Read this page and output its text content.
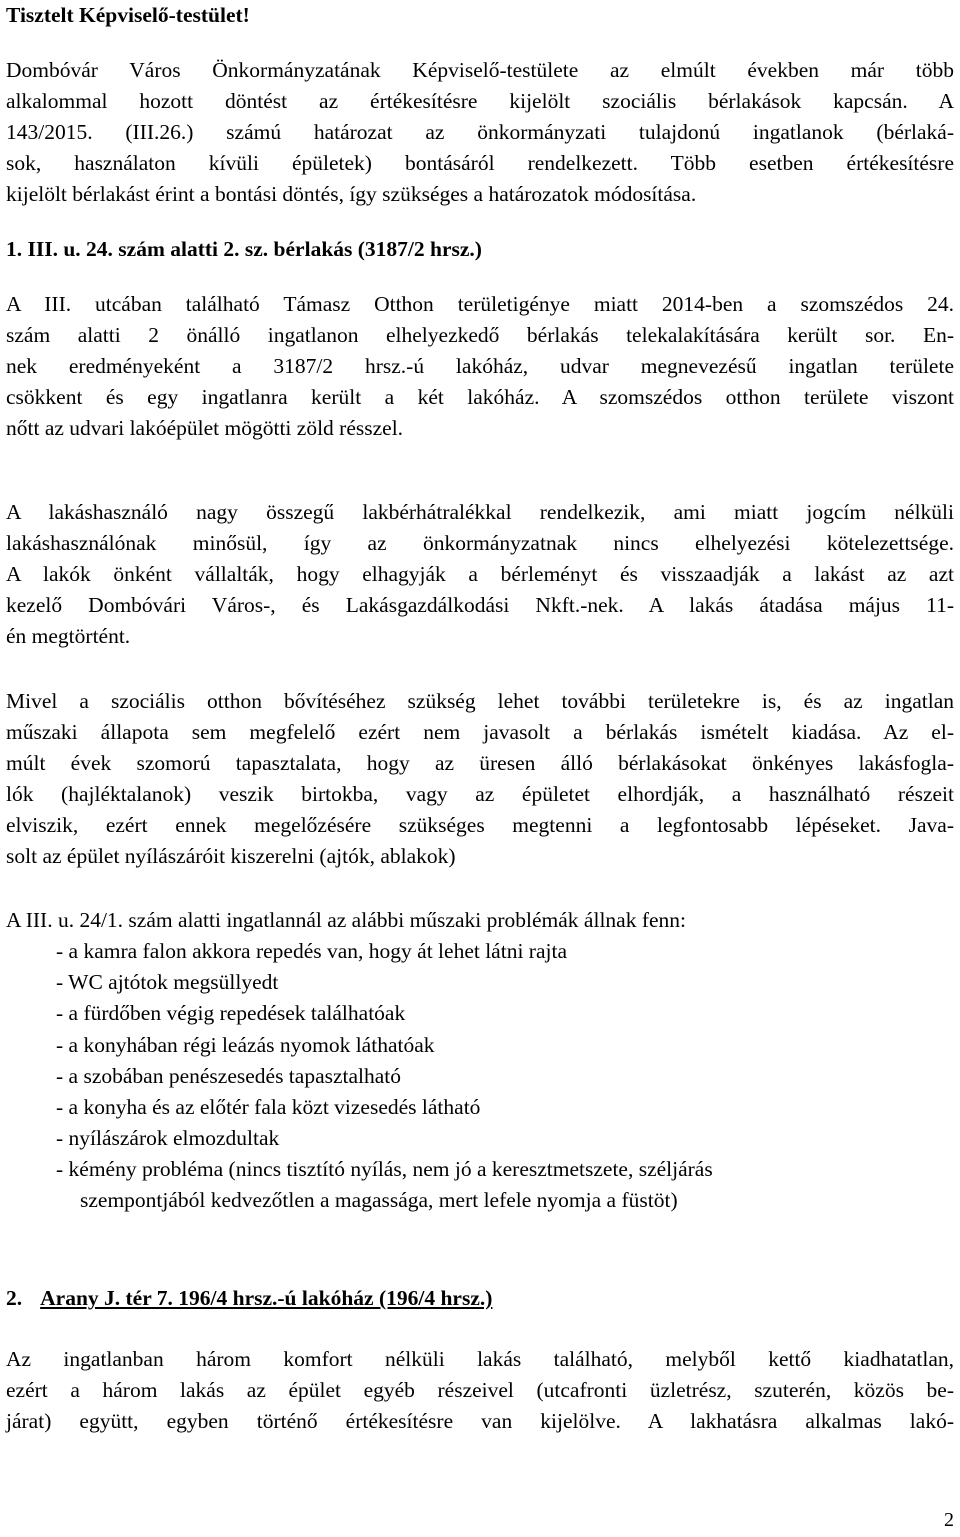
Tisztelt Képviselő-testület!
Dombóvár Város Önkormányzatának Képviselő-testülete az elmúlt években már több
alkalommal hozott döntést az értékesítésre kijelölt szociális bérlakások kapcsán. A
143/2015. (III.26.) számú határozat az önkormányzati tulajdonú ingatlanok (bérlaká-
sok, használaton kívüli épületek) bontásáról rendelkezett. Több esetben értékesítésre
kijelölt bérlakást érint a bontási döntés, így szükséges a határozatok módosítása.
1. III. u. 24. szám alatti 2. sz. bérlakás (3187/2 hrsz.)
A III. utcában található Támasz Otthon területigénye miatt 2014-ben a szomszédos 24.
szám alatti 2 önálló ingatlanon elhelyezkedő bérlakás telekalakítására került sor. En-
nek eredményeként a 3187/2 hrsz.-ú lakóház, udvar megnevezésű ingatlan területe
csökkent és egy ingatlanra került a két lakóház. A szomszédos otthon területe viszont
nőtt az udvari lakóépület mögötti zöld résszel.
A lakáshasználó nagy összegű lakbérhátralékkal rendelkezik, ami miatt jogcím nélküli
lakáshasználónak minősül, így az önkormányzatnak nincs elhelyezési kötelezettsége.
A lakók önként vállalták, hogy elhagyják a bérleményt és visszaadják a lakást az azt
kezelő Dombóvári Város-, és Lakásgazdálkodási Nkft.-nek. A lakás átadása május 11-
én megtörtént.
Mivel a szociális otthon bővítéséhez szükség lehet további területekre is, és az ingatlan
műszaki állapota sem megfelelő ezért nem javasolt a bérlakás ismételt kiadása. Az el-
múlt évek szomorú tapasztalata, hogy az üresen álló bérlakásokat önkényes lakásfogla-
lók (hajléktalanok) veszik birtokba, vagy az épületet elhordják, a használható részeit
elviszik, ezért ennek megelőzésére szükséges megtenni a legfontosabb lépéseket. Java-
solt az épület nyílászáróit kiszerelni (ajtók, ablakok)
A III. u. 24/1. szám alatti ingatlannál az alábbi műszaki problémák állnak fenn:
- a kamra falon akkora repedés van, hogy át lehet látni rajta
- WC ajtótok megsüllyedt
- a fürdőben végig repedések találhatóak
- a konyhában régi leázás nyomok láthatóak
- a szobában penészesedés tapasztalható
- a konyha és az előtér fala közt vizesedés látható
- nyílászárok elmozdultak
- kémény probléma (nincs tisztító nyílás, nem jó a keresztmetszete, széljárás
szempontjából kedvezőtlen a magassága, mert lefele nyomja a füstöt)
Az ingatlanban három komfort nélküli lakás található, melyből kettő kiadhatatlan,
ezért a három lakás az épület egyéb részeivel (utcafronti üzletrész, szuterén, közös be-
járat) együtt, egyben történő értékesítésre van kijelölve. A lakhatásra alkalmas lakó-
2. Arany J. tér 7. 196/4 hrsz.-ú lakóház (196/4 hrsz.)
2
